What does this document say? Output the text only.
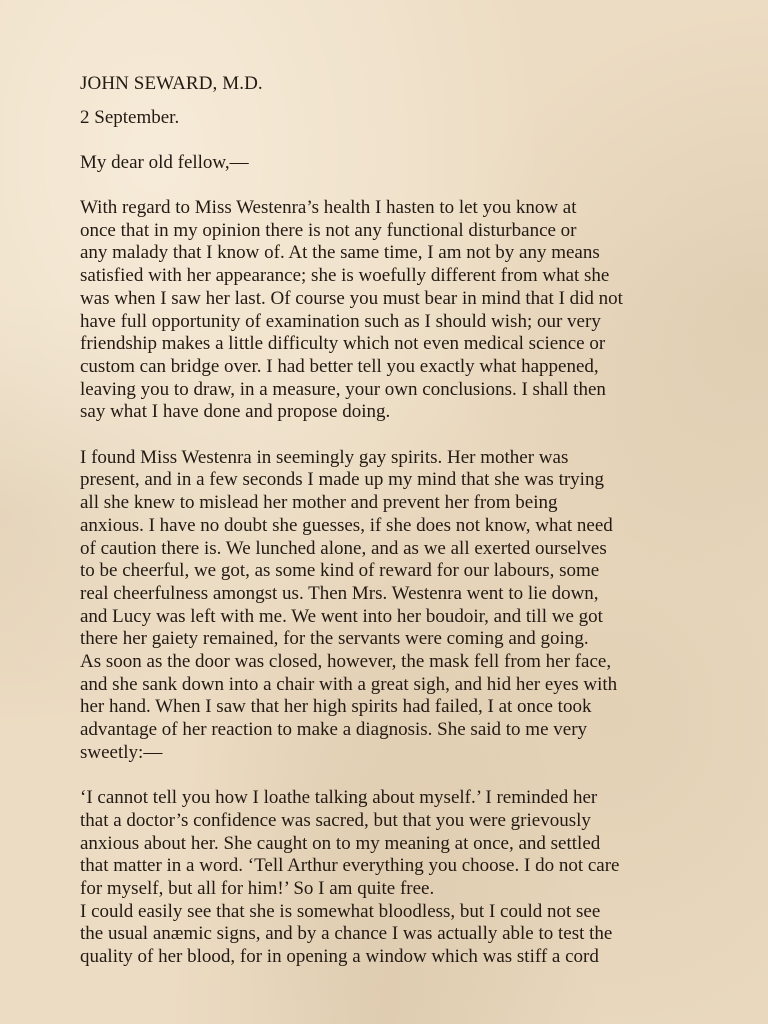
JOHN SEWARD, M.D.
2 September.
My dear old fellow,—
With regard to Miss Westenra’s health I hasten to let you know at
once that in my opinion there is not any functional disturbance or
any malady that I know of. At the same time, I am not by any means
satisfied with her appearance; she is woefully different from what she
was when I saw her last. Of course you must bear in mind that I did not
have full opportunity of examination such as I should wish; our very
friendship makes a little difficulty which not even medical science or
custom can bridge over. I had better tell you exactly what happened,
leaving you to draw, in a measure, your own conclusions. I shall then
say what I have done and propose doing.
I found Miss Westenra in seemingly gay spirits. Her mother was
present, and in a few seconds I made up my mind that she was trying
all she knew to mislead her mother and prevent her from being
anxious. I have no doubt she guesses, if she does not know, what need
of caution there is. We lunched alone, and as we all exerted ourselves
to be cheerful, we got, as some kind of reward for our labours, some
real cheerfulness amongst us. Then Mrs. Westenra went to lie down,
and Lucy was left with me. We went into her boudoir, and till we got
there her gaiety remained, for the servants were coming and going.
As soon as the door was closed, however, the mask fell from her face,
and she sank down into a chair with a great sigh, and hid her eyes with
her hand. When I saw that her high spirits had failed, I at once took
advantage of her reaction to make a diagnosis. She said to me very
sweetly:—
‘I cannot tell you how I loathe talking about myself.’ I reminded her
that a doctor’s confidence was sacred, but that you were grievously
anxious about her. She caught on to my meaning at once, and settled
that matter in a word. ‘Tell Arthur everything you choose. I do not care
for myself, but all for him!’ So I am quite free.
I could easily see that she is somewhat bloodless, but I could not see
the usual anæmic signs, and by a chance I was actually able to test the
quality of her blood, for in opening a window which was stiff a cord
